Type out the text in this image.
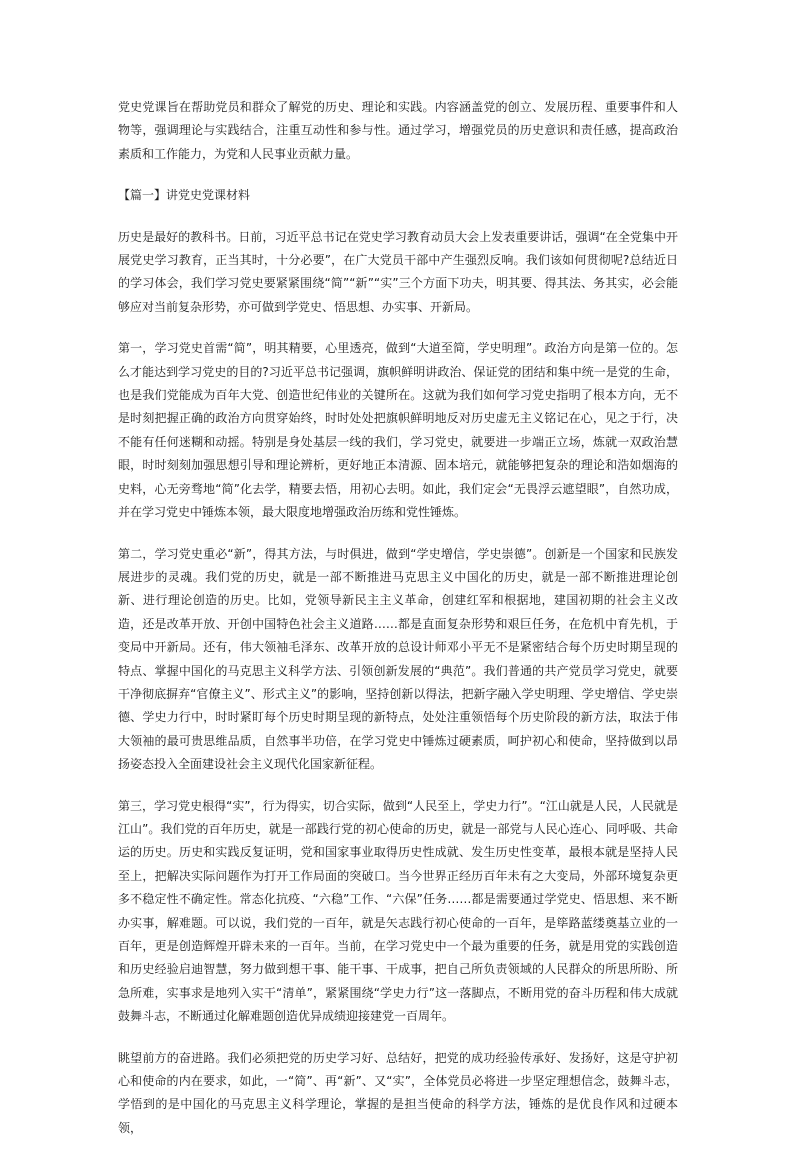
党史党课旨在帮助党员和群众了解党的历史、理论和实践。内容涵盖党的创立、发展历程、重要事件和人物等，强调理论与实践结合，注重互动性和参与性。通过学习，增强党员的历史意识和责任感，提高政治素质和工作能力，为党和人民事业贡献力量。

【篇一】讲党史党课材料

历史是最好的教科书。日前，习近平总书记在党史学习教育动员大会上发表重要讲话，强调“在全党集中开展党史学习教育，正当其时，十分必要”，在广大党员干部中产生强烈反响。我们该如何贯彻呢?总结近日的学习体会，我们学习党史要紧紧围绕“简”“新”“实”三个方面下功夫，明其要、得其法、务其实，必会能够应对当前复杂形势，亦可做到学党史、悟思想、办实事、开新局。

第一，学习党史首需“简”，明其精要，心里透亮，做到“大道至简，学史明理”。政治方向是第一位的。怎么才能达到学习党史的目的?习近平总书记强调，旗帜鲜明讲政治、保证党的团结和集中统一是党的生命，也是我们党能成为百年大党、创造世纪伟业的关键所在。这就为我们如何学习党史指明了根本方向，无不是时刻把握正确的政治方向贯穿始终，时时处处把旗帜鲜明地反对历史虚无主义铭记在心，见之于行，决不能有任何迷糊和动摇。特别是身处基层一线的我们，学习党史，就要进一步端正立场，炼就一双政治慧眼，时时刻刻加强思想引导和理论辨析，更好地正本清源、固本培元，就能够把复杂的理论和浩如烟海的史料，心无旁骛地“简”化去学，精要去悟，用初心去明。如此，我们定会“无畏浮云遮望眼”，自然功成，并在学习党史中锤炼本领，最大限度地增强政治历练和党性锤炼。

第二，学习党史重必“新”，得其方法，与时俱进，做到“学史增信，学史崇德”。创新是一个国家和民族发展进步的灵魂。我们党的历史，就是一部不断推进马克思主义中国化的历史，就是一部不断推进理论创新、进行理论创造的历史。比如，党领导新民主主义革命，创建红军和根据地，建国初期的社会主义改造，还是改革开放、开创中国特色社会主义道路……都是直面复杂形势和艰巨任务，在危机中育先机，于变局中开新局。还有，伟大领袖毛泽东、改革开放的总设计师邓小平无不是紧密结合每个历史时期呈现的特点、掌握中国化的马克思主义科学方法、引领创新发展的“典范”。我们普通的共产党员学习党史，就要干净彻底摒弃“官僚主义”、形式主义”的影响，坚持创新以得法，把新字融入学史明理、学史增信、学史崇德、学史力行中，时时紧盯每个历史时期呈现的新特点，处处注重领悟每个历史阶段的新方法，取法于伟大领袖的最可贵思维品质，自然事半功倍，在学习党史中锤炼过硬素质，呵护初心和使命，坚持做到以昂扬姿态投入全面建设社会主义现代化国家新征程。

第三，学习党史根得“实”，行为得实，切合实际，做到“人民至上，学史力行”。“江山就是人民，人民就是江山”。我们党的百年历史，就是一部践行党的初心使命的历史，就是一部党与人民心连心、同呼吸、共命运的历史。历史和实践反复证明，党和国家事业取得历史性成就、发生历史性变革，最根本就是坚持人民至上，把解决实际问题作为打开工作局面的突破口。当今世界正经历百年未有之大变局，外部环境复杂更多不稳定性不确定性。常态化抗疫、“六稳”工作、“六保”任务……都是需要通过学党史、悟思想、来不断办实事，解难题。可以说，我们党的一百年，就是矢志践行初心使命的一百年，是筚路蓝缕奠基立业的一百年，更是创造辉煌开辟未来的一百年。当前，在学习党史中一个最为重要的任务，就是用党的实践创造和历史经验启迪智慧，努力做到想干事、能干事、干成事，把自己所负责领域的人民群众的所思所盼、所急所难，实事求是地列入实干“清单”，紧紧围绕“学史力行”这一落脚点，不断用党的奋斗历程和伟大成就鼓舞斗志，不断通过化解难题创造优异成绩迎接建党一百周年。

眺望前方的奋进路。我们必须把党的历史学习好、总结好，把党的成功经验传承好、发扬好，这是守护初心和使命的内在要求，如此，一“简”、再“新”、又“实”，全体党员必将进一步坚定理想信念，鼓舞斗志，学悟到的是中国化的马克思主义科学理论，掌握的是担当使命的科学方法，锤炼的是优良作风和过硬本领，
